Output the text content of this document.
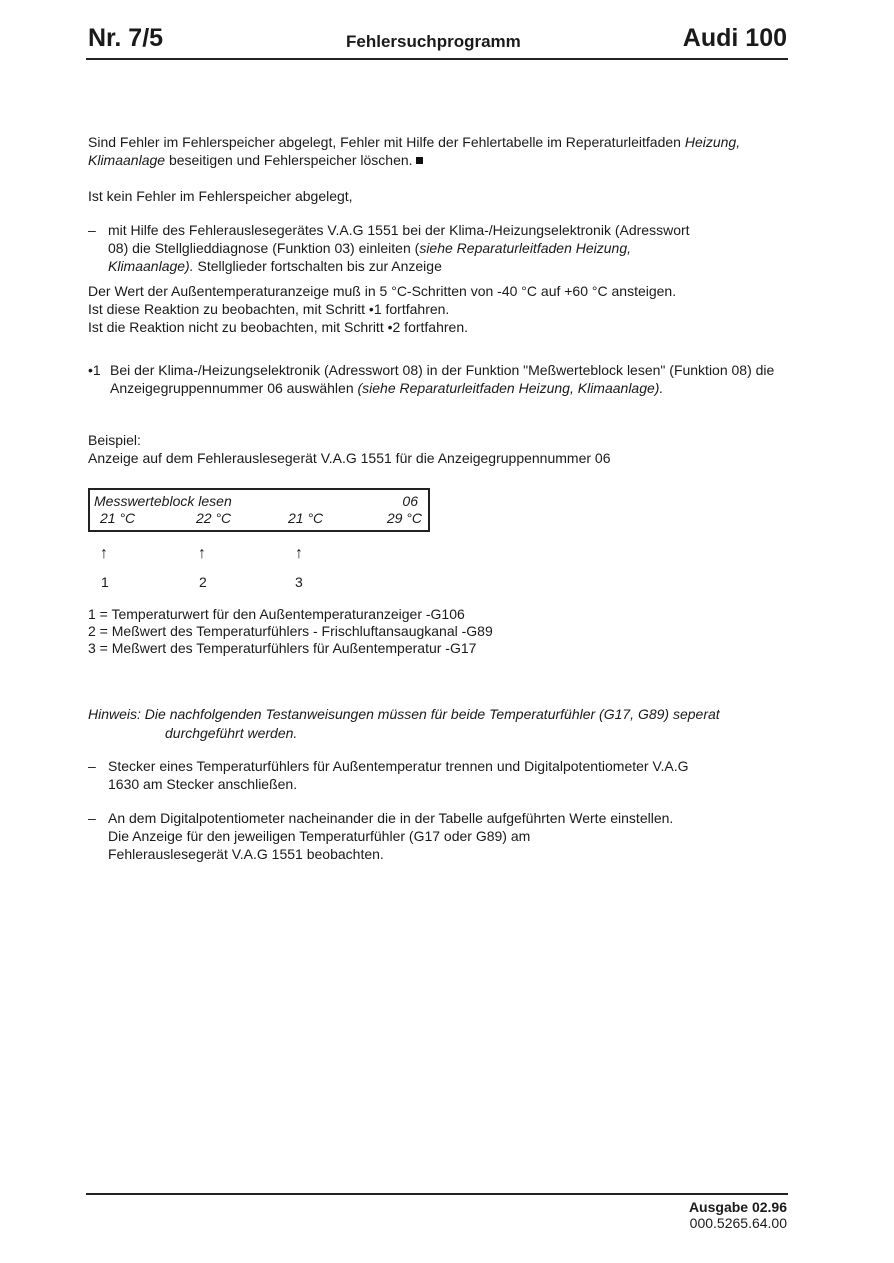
Nr. 7/5	Fehlersuchprogramm	Audi 100
Sind Fehler im Fehlerspeicher abgelegt, Fehler mit Hilfe der Fehlertabelle im Reperaturleitfaden Heizung, Klimaanlage beseitigen und Fehlerspeicher löschen.
Ist kein Fehler im Fehlerspeicher abgelegt,
– mit Hilfe des Fehlerauslesegerätes V.A.G 1551 bei der Klima-/Heizungselektronik (Adresswort 08) die Stellglieddiagnose (Funktion 03) einleiten (siehe Reparaturleitfaden Heizung, Klimaanlage). Stellglieder fortschalten bis zur Anzeige
Der Wert der Außentemperaturanzeige muß in 5 °C-Schritten von -40 °C auf +60 °C ansteigen.
Ist diese Reaktion zu beobachten, mit Schritt •1 fortfahren.
Ist die Reaktion nicht zu beobachten, mit Schritt •2 fortfahren.
•1 Bei der Klima-/Heizungselektronik (Adresswort 08) in der Funktion "Meßwerteblock lesen" (Funktion 08) die Anzeigegruppennummer 06 auswählen (siehe Reparaturleitfaden Heizung, Klimaanlage).
Beispiel:
Anzeige auf dem Fehlerauslesegerät V.A.G 1551 für die Anzeigegruppennummer 06
Messwerteblock lesen	06
21 °C	22 °C	21 °C	29 °C
↑	↑	↑
1	2	3
1 = Temperaturwert für den Außentemperaturanzeiger -G106
2 = Meßwert des Temperaturfühlers - Frischluftansaugkanal -G89
3 = Meßwert des Temperaturfühlers für Außentemperatur -G17
Hinweis: Die nachfolgenden Testanweisungen müssen für beide Temperaturfühler (G17, G89) seperat
durchgeführt werden.
– Stecker eines Temperaturfühlers für Außentemperatur trennen und Digitalpotentiometer V.A.G 1630 am Stecker anschließen.
– An dem Digitalpotentiometer nacheinander die in der Tabelle aufgeführten Werte einstellen.
Die Anzeige für den jeweiligen Temperaturfühler (G17 oder G89) am Fehlerauslesegerät V.A.G 1551 beobachten.
Ausgabe 02.96
000.5265.64.00
